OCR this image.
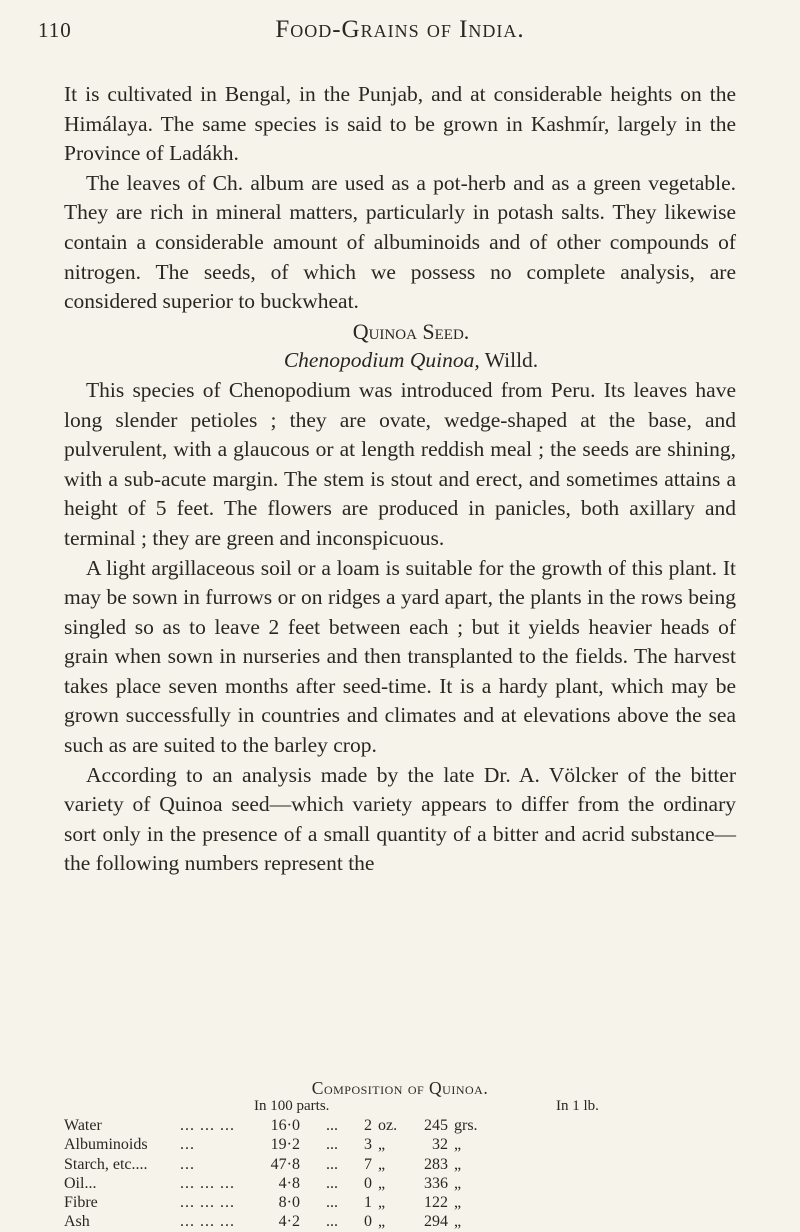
110	Food-Grains of India.

It is cultivated in Bengal, in the Punjab, and at considerable heights on the Himálaya. The same species is said to be grown in Kashmír, largely in the Province of Ladákh.

The leaves of Ch. album are used as a pot-herb and as a green vegetable. They are rich in mineral matters, particularly in potash salts. They likewise contain a considerable amount of albuminoids and of other compounds of nitrogen. The seeds, of which we possess no complete analysis, are considered superior to buckwheat.

Quinoa Seed.

Chenopodium Quinoa, Willd.

This species of Chenopodium was introduced from Peru. Its leaves have long slender petioles ; they are ovate, wedge-shaped at the base, and pulverulent, with a glaucous or at length reddish meal ; the seeds are shining, with a sub-acute margin. The stem is stout and erect, and sometimes attains a height of 5 feet. The flowers are produced in panicles, both axillary and terminal ; they are green and inconspicuous.

A light argillaceous soil or a loam is suitable for the growth of this plant. It may be sown in furrows or on ridges a yard apart, the plants in the rows being singled so as to leave 2 feet between each ; but it yields heavier heads of grain when sown in nurseries and then transplanted to the fields. The harvest takes place seven months after seed-time. It is a hardy plant, which may be grown successfully in countries and climates and at elevations above the sea such as are suited to the barley crop.

According to an analysis made by the late Dr. A. Völcker of the bitter variety of Quinoa seed—which variety appears to differ from the ordinary sort only in the presence of a small quantity of a bitter and acrid substance—the following numbers represent the

Composition of Quinoa.
In 100 parts.	In 1 lb.
Water	... ... ...	16·0 ... 2 oz.	245 grs.
Albuminoids ...	19·2 ... 3 „	32 „
Starch, etc.... ...	47·8 ... 7 „	283 „
Oil...	... ... ...	4·8 ... 0 „	336 „
Fibre	... ... ...	8·0 ... 1 „	122 „
Ash	... ... ...	4·2 ... 0 „	294 „
